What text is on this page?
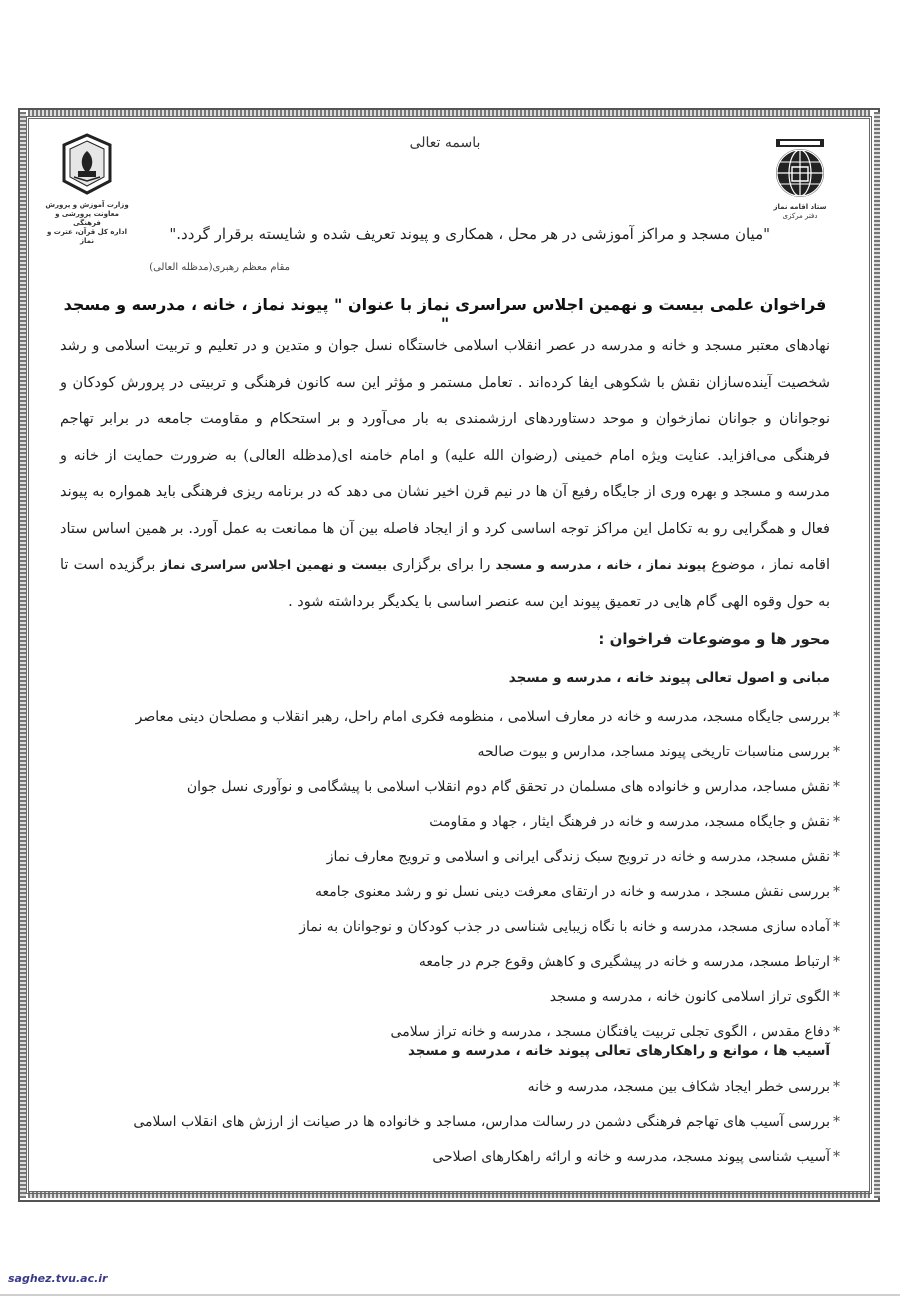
باسمه تعالی
ستاد اقامه نماز
دفتر مرکزی
وزارت آموزش و پرورش
معاونت پرورشی و فرهنگی
اداره کل قرآن، عترت و نماز	"میان مسجد و مراکز آموزشی در هر محل ، همکاری و پیوند تعریف شده و شایسته برقرار گردد."
مقام معظم رهبری(مدظله العالی)
فراخوان علمی بیست و نهمین اجلاس سراسری نماز با عنوان " پیوند نماز ، خانه ، مدرسه و مسجد "

نهادهای معتبر مسجد و خانه و مدرسه در عصر انقلاب اسلامی خاستگاه نسل جوان و متدین و در تعلیم و تربیت اسلامی و رشد شخصیت آینده‌سازان نقش با شکوهی ایفا کرده‌اند . تعامل مستمر و مؤثر این سه کانون فرهنگی و تربیتی در پرورش کودکان و نوجوانان و جوانان نمازخوان و موحد دستاوردهای ارزشمندی به بار می‌آورد و بر استحکام و مقاومت جامعه در برابر تهاجم فرهنگی می‌افزاید. عنایت ویژه امام خمینی (رضوان الله علیه) و امام خامنه ای(مدظله العالی) به ضرورت حمایت از خانه و مدرسه و مسجد و بهره وری از جایگاه رفیع آن ها در نیم قرن اخیر نشان می دهد که در برنامه ریزی فرهنگی باید همواره به پیوند فعال و همگرایی رو به تکامل این مراکز توجه اساسی کرد و از ایجاد فاصله بین آن ها ممانعت به عمل آورد. بر همین اساس ستاد اقامه نماز ، موضوع پیوند نماز ، خانه ، مدرسه و مسجد را برای برگزاری بیست و نهمین اجلاس سراسری نماز برگزیده است تا به حول وقوه الهی گام هایی در تعمیق پیوند این سه عنصر اساسی با یکدیگر برداشته شود .

محور ها و موضوعات فراخوان :
مبانی و اصول تعالی پیوند خانه ، مدرسه و مسجد
*بررسی جایگاه مسجد، مدرسه و خانه در معارف اسلامی ، منظومه فکری امام راحل، رهبر انقلاب و مصلحان دینی معاصر
*بررسی مناسبات تاریخی پیوند مساجد، مدارس و بیوت صالحه
*نقش مساجد، مدارس و خانواده های مسلمان در تحقق گام دوم انقلاب اسلامی با پیشگامی و نوآوری نسل جوان
*نقش و جایگاه مسجد، مدرسه و خانه در فرهنگ ایثار ، جهاد و مقاومت
*نقش مسجد، مدرسه و خانه در ترویج سبک زندگی ایرانی و اسلامی و ترویج معارف نماز
*بررسی نقش مسجد ، مدرسه و خانه در ارتقای معرفت دینی نسل نو و رشد معنوی جامعه
*آماده سازی مسجد، مدرسه و خانه با نگاه زیبایی شناسی در جذب کودکان و نوجوانان به نماز
*ارتباط مسجد، مدرسه و خانه در پیشگیری و کاهش وقوع جرم در جامعه
*الگوی تراز اسلامی کانون خانه ، مدرسه و مسجد
*دفاع مقدس ، الگوی تجلی تربیت یافتگان مسجد ، مدرسه و خانه تراز سلامی
آسیب ها ، موانع و راهکارهای تعالی پیوند خانه ، مدرسه و مسجد
*بررسی خطر ایجاد شکاف بین مسجد، مدرسه و خانه
*بررسی آسیب های تهاجم فرهنگی دشمن در رسالت مدارس، مساجد و خانواده ها در صیانت از ارزش های انقلاب اسلامی
*آسیب شناسی پیوند مسجد، مدرسه و خانه و ارائه راهکارهای اصلاحی
saghez.tvu.ac.ir
